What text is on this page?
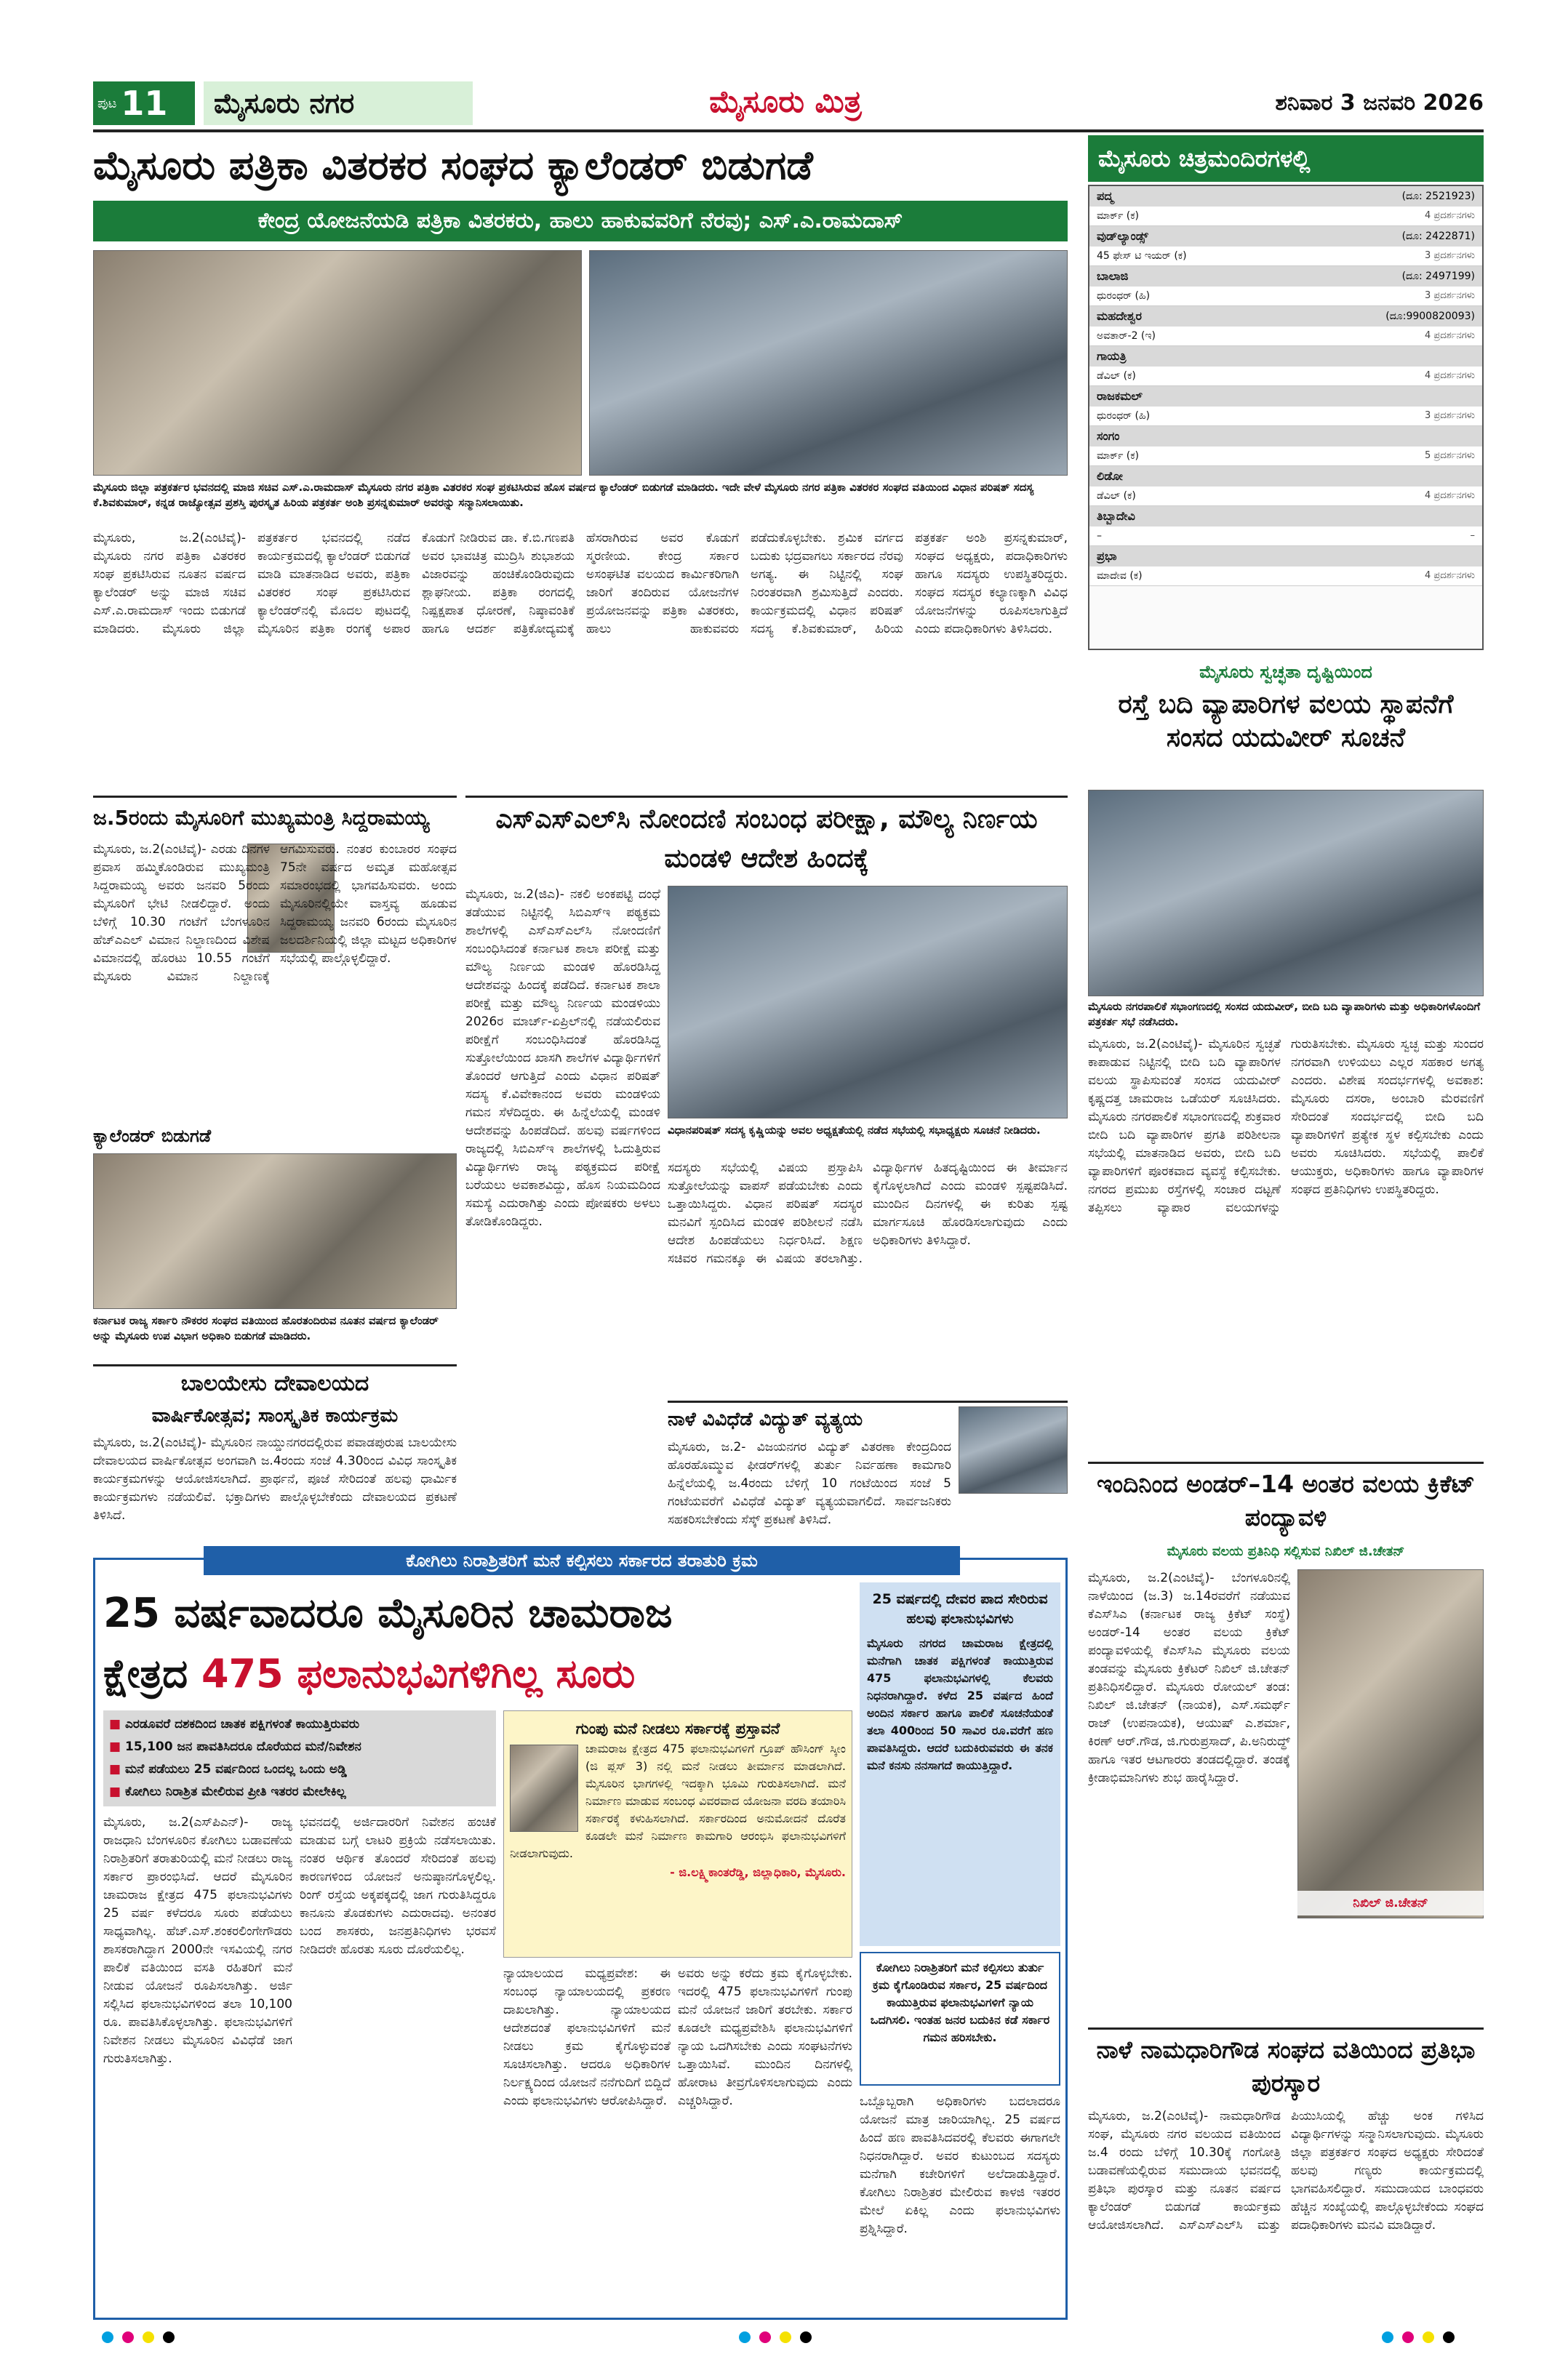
ಪುಟ 11	ಮೈಸೂರು ನಗರ	ಮೈಸೂರು ಮಿತ್ರ	ಶನಿವಾರ 3 ಜನವರಿ 2026
ಮೈಸೂರು ಪತ್ರಿಕಾ ವಿತರಕರ ಸಂಘದ ಕ್ಯಾಲೆಂಡರ್ ಬಿಡುಗಡೆ
ಕೇಂದ್ರ ಯೋಜನೆಯಡಿ ಪತ್ರಿಕಾ ವಿತರಕರು, ಹಾಲು ಹಾಕುವವರಿಗೆ ನೆರವು; ಎಸ್.ಎ.ರಾಮದಾಸ್
ಮೈಸೂರು ಜಿಲ್ಲಾ ಪತ್ರಕರ್ತರ ಭವನದಲ್ಲಿ ಮಾಜಿ ಸಚಿವ ಎಸ್.ಎ.ರಾಮದಾಸ್ ಮೈಸೂರು ನಗರ ಪತ್ರಿಕಾ ವಿತರಕರ ಸಂಘ ಪ್ರಕಟಿಸಿರುವ ಹೊಸ ವರ್ಷದ ಕ್ಯಾಲೆಂಡರ್ ಬಿಡುಗಡೆ ಮಾಡಿದರು. ಇದೇ ವೇಳೆ ಮೈಸೂರು ನಗರ ಪತ್ರಿಕಾ ವಿತರಕರ ಸಂಘದ ವತಿಯಿಂದ ವಿಧಾನ ಪರಿಷತ್ ಸದಸ್ಯ ಕೆ.ಶಿವಕುಮಾರ್, ಕನ್ನಡ ರಾಜ್ಯೋತ್ಸವ ಪ್ರಶಸ್ತಿ ಪುರಸ್ಕೃತ ಹಿರಿಯ ಪತ್ರಕರ್ತ ಅಂಶಿ ಪ್ರಸನ್ನಕುಮಾರ್ ಅವರನ್ನು ಸನ್ಮಾನಿಸಲಾಯಿತು.
ಮೈಸೂರು, ಜ.2(ಎಂಟಿವೈ)- ಮೈಸೂರು ನಗರ ಪತ್ರಿಕಾ ವಿತರಕರ ಸಂಘ ಪ್ರಕಟಿಸಿರುವ ನೂತನ ವರ್ಷದ ಕ್ಯಾಲೆಂಡರ್ ಅನ್ನು ಮಾಜಿ ಸಚಿವ ಎಸ್.ಎ.ರಾಮದಾಸ್ ಇಂದು ಬಿಡುಗಡೆ ಮಾಡಿದರು. ಮೈಸೂರು ಜಿಲ್ಲಾ ಪತ್ರಕರ್ತರ ಭವನದಲ್ಲಿ ನಡೆದ ಕಾರ್ಯಕ್ರಮದಲ್ಲಿ ಕ್ಯಾಲೆಂಡರ್ ಬಿಡುಗಡೆ ಮಾಡಿ ಮಾತನಾಡಿದ ಅವರು, ಪತ್ರಿಕಾ ವಿತರಕರ ಸಂಘ ಪ್ರಕಟಿಸಿರುವ ಕ್ಯಾಲೆಂಡರ್‌ನಲ್ಲಿ ಮೊದಲ ಪುಟದಲ್ಲಿ ಮೈಸೂರಿನ ಪತ್ರಿಕಾ ರಂಗಕ್ಕೆ ಅಪಾರ ಕೊಡುಗೆ ನೀಡಿರುವ ಡಾ. ಕೆ.ಬಿ.ಗಣಪತಿ ಅವರ ಭಾವಚಿತ್ರ ಮುದ್ರಿಸಿ ಶುಭಾಶಯ ವಿಜಾರವನ್ನು ಹಂಚಿಕೊಂಡಿರುವುದು ಶ್ಲಾಘನೀಯ. ಪತ್ರಿಕಾ ರಂಗದಲ್ಲಿ ನಿಷ್ಪಕ್ಷಪಾತ ಧೋರಣೆ, ನಿಷ್ಠಾವಂತಿಕೆ ಹಾಗೂ ಆದರ್ಶ ಪತ್ರಿಕೋದ್ಯಮಕ್ಕೆ ಹೆಸರಾಗಿರುವ ಅವರ ಕೊಡುಗೆ ಸ್ಮರಣೀಯ. ಕೇಂದ್ರ ಸರ್ಕಾರ ಅಸಂಘಟಿತ ವಲಯದ ಕಾರ್ಮಿಕರಿಗಾಗಿ ಜಾರಿಗೆ ತಂದಿರುವ ಯೋಜನೆಗಳ ಪ್ರಯೋಜನವನ್ನು ಪತ್ರಿಕಾ ವಿತರಕರು, ಹಾಲು ಹಾಕುವವರು ಪಡೆದುಕೊಳ್ಳಬೇಕು. ಶ್ರಮಿಕ ವರ್ಗದ ಬದುಕು ಭದ್ರವಾಗಲು ಸರ್ಕಾರದ ನೆರವು ಅಗತ್ಯ. ಈ ನಿಟ್ಟಿನಲ್ಲಿ ಸಂಘ ನಿರಂತರವಾಗಿ ಶ್ರಮಿಸುತ್ತಿದೆ ಎಂದರು. ಕಾರ್ಯಕ್ರಮದಲ್ಲಿ ವಿಧಾನ ಪರಿಷತ್ ಸದಸ್ಯ ಕೆ.ಶಿವಕುಮಾರ್, ಹಿರಿಯ ಪತ್ರಕರ್ತ ಅಂಶಿ ಪ್ರಸನ್ನಕುಮಾರ್, ಸಂಘದ ಅಧ್ಯಕ್ಷರು, ಪದಾಧಿಕಾರಿಗಳು ಹಾಗೂ ಸದಸ್ಯರು ಉಪಸ್ಥಿತರಿದ್ದರು. ಸಂಘದ ಸದಸ್ಯರ ಕಲ್ಯಾಣಕ್ಕಾಗಿ ವಿವಿಧ ಯೋಜನೆಗಳನ್ನು ರೂಪಿಸಲಾಗುತ್ತಿದೆ ಎಂದು ಪದಾಧಿಕಾರಿಗಳು ತಿಳಿಸಿದರು.
ಮೈಸೂರು ಚಿತ್ರಮಂದಿರಗಳಲ್ಲಿ
ಪದ್ಮ	(ದೂ: 2521923)
ಮಾರ್ಕ್ (ಕ)	4 ಪ್ರದರ್ಶನಗಳು
ವುಡ್‌ಲ್ಯಾಂಡ್ಸ್	(ದೂ: 2422871)
45 ಫೇಸ್ ಟಿ ಇಯರ್ (ಕ)	3 ಪ್ರದರ್ಶನಗಳು
ಬಾಲಾಜಿ	(ದೂ: 2497199)
ಧುರಂಧರ್ (ಹಿ)	3 ಪ್ರದರ್ಶನಗಳು
ಮಹದೇಶ್ವರ	(ದೂ:9900820093)
ಅವತಾರ್-2 (ಇ)	4 ಪ್ರದರ್ಶನಗಳು
ಗಾಯತ್ರಿ
ಡೆವಿಲ್ (ಕ)	4 ಪ್ರದರ್ಶನಗಳು
ರಾಜಕಮಲ್
ಧುರಂಧರ್ (ಹಿ)	3 ಪ್ರದರ್ಶನಗಳು
ಸಂಗಂ
ಮಾರ್ಕ್ (ಕ)	5 ಪ್ರದರ್ಶನಗಳು
ಲಿಡೋ
ಡೆವಿಲ್ (ಕ)	4 ಪ್ರದರ್ಶನಗಳು
ತಿಬ್ಬಾದೇವಿ
–	–
ಪ್ರಭಾ
ಮಾದೇವ (ಕ)	4 ಪ್ರದರ್ಶನಗಳು
ಮೈಸೂರು ಸ್ವಚ್ಛತಾ ದೃಷ್ಟಿಯಿಂದ
ರಸ್ತೆ ಬದಿ ವ್ಯಾಪಾರಿಗಳ ವಲಯ ಸ್ಥಾಪನೆಗೆ ಸಂಸದ ಯದುವೀರ್ ಸೂಚನೆ
ಮೈಸೂರು ನಗರಪಾಲಿಕೆ ಸಭಾಂಗಣದಲ್ಲಿ ಸಂಸದ ಯದುವೀರ್, ಬೀದಿ ಬದಿ ವ್ಯಾಪಾರಿಗಳು ಮತ್ತು ಅಧಿಕಾರಿಗಳೊಂದಿಗೆ ಪತ್ರಕರ್ತ ಸಭೆ ನಡೆಸಿದರು.
ಮೈಸೂರು, ಜ.2(ಎಂಟಿವೈ)- ಮೈಸೂರಿನ ಸ್ವಚ್ಛತೆ ಕಾಪಾಡುವ ನಿಟ್ಟಿನಲ್ಲಿ ಬೀದಿ ಬದಿ ವ್ಯಾಪಾರಿಗಳ ವಲಯ ಸ್ಥಾಪಿಸುವಂತೆ ಸಂಸದ ಯದುವೀರ್ ಕೃಷ್ಣದತ್ತ ಚಾಮರಾಜ ಒಡೆಯರ್ ಸೂಚಿಸಿದರು. ಮೈಸೂರು ನಗರಪಾಲಿಕೆ ಸಭಾಂಗಣದಲ್ಲಿ ಶುಕ್ರವಾರ ಬೀದಿ ಬದಿ ವ್ಯಾಪಾರಿಗಳ ಪ್ರಗತಿ ಪರಿಶೀಲನಾ ಸಭೆಯಲ್ಲಿ ಮಾತನಾಡಿದ ಅವರು, ಬೀದಿ ಬದಿ ವ್ಯಾಪಾರಿಗಳಿಗೆ ಪೂರಕವಾದ ವ್ಯವಸ್ಥೆ ಕಲ್ಪಿಸಬೇಕು. ನಗರದ ಪ್ರಮುಖ ರಸ್ತೆಗಳಲ್ಲಿ ಸಂಚಾರ ದಟ್ಟಣೆ ತಪ್ಪಿಸಲು ವ್ಯಾಪಾರ ವಲಯಗಳನ್ನು ಗುರುತಿಸಬೇಕು. ಮೈಸೂರು ಸ್ವಚ್ಛ ಮತ್ತು ಸುಂದರ ನಗರವಾಗಿ ಉಳಿಯಲು ಎಲ್ಲರ ಸಹಕಾರ ಅಗತ್ಯ ಎಂದರು. ವಿಶೇಷ ಸಂದರ್ಭಗಳಲ್ಲಿ ಅವಕಾಶ: ಮೈಸೂರು ದಸರಾ, ಅಂಬಾರಿ ಮೆರವಣಿಗೆ ಸೇರಿದಂತೆ ಸಂದರ್ಭದಲ್ಲಿ ಬೀದಿ ಬದಿ ವ್ಯಾಪಾರಿಗಳಿಗೆ ಪ್ರತ್ಯೇಕ ಸ್ಥಳ ಕಲ್ಪಿಸಬೇಕು ಎಂದು ಅವರು ಸೂಚಿಸಿದರು. ಸಭೆಯಲ್ಲಿ ಪಾಲಿಕೆ ಆಯುಕ್ತರು, ಅಧಿಕಾರಿಗಳು ಹಾಗೂ ವ್ಯಾಪಾರಿಗಳ ಸಂಘದ ಪ್ರತಿನಿಧಿಗಳು ಉಪಸ್ಥಿತರಿದ್ದರು.
ಇಂದಿನಿಂದ ಅಂಡರ್–14 ಅಂತರ ವಲಯ ಕ್ರಿಕೆಟ್ ಪಂದ್ಯಾವಳಿ
ಮೈಸೂರು ವಲಯ ಪ್ರತಿನಿಧಿ ಸಲ್ಲಿಸುವ ನಿಖಿಲ್ ಜಿ.ಚೇತನ್
ನಿಖಿಲ್ ಜಿ.ಚೇತನ್
ಮೈಸೂರು, ಜ.2(ಎಂಟಿವೈ)- ಬೆಂಗಳೂರಿನಲ್ಲಿ ನಾಳೆಯಿಂದ (ಜ.3) ಜ.14ರವರೆಗೆ ನಡೆಯುವ ಕೆಎಸ್‌ಸಿಎ (ಕರ್ನಾಟಕ ರಾಜ್ಯ ಕ್ರಿಕೆಟ್ ಸಂಸ್ಥೆ) ಅಂಡರ್-14 ಅಂತರ ವಲಯ ಕ್ರಿಕೆಟ್ ಪಂದ್ಯಾವಳಿಯಲ್ಲಿ ಕೆಎಸ್‌ಸಿಎ ಮೈಸೂರು ವಲಯ ತಂಡವನ್ನು ಮೈಸೂರು ಕ್ರಿಕೆಟರ್ ನಿಖಿಲ್ ಜಿ.ಚೇತನ್ ಪ್ರತಿನಿಧಿಸಲಿದ್ದಾರೆ. ಮೈಸೂರು ರೋಯಲ್ ತಂಡ: ನಿಖಿಲ್ ಜಿ.ಚೇತನ್ (ನಾಯಕ), ಎಸ್.ಸಮರ್ಥ್ ರಾಜ್ (ಉಪನಾಯಕ), ಆಯುಷ್ ಎ.ಶರ್ಮಾ, ಕಿರಣ್ ಆರ್.ಗೌಡ, ಜಿ.ಗುರುಪ್ರಸಾದ್, ಪಿ.ಅನಿರುದ್ಧ್ ಹಾಗೂ ಇತರ ಆಟಗಾರರು ತಂಡದಲ್ಲಿದ್ದಾರೆ. ತಂಡಕ್ಕೆ ಕ್ರೀಡಾಭಿಮಾನಿಗಳು ಶುಭ ಹಾರೈಸಿದ್ದಾರೆ.
ನಾಳೆ ನಾಮಧಾರಿಗೌಡ ಸಂಘದ ವತಿಯಿಂದ ಪ್ರತಿಭಾ ಪುರಸ್ಕಾರ
ಮೈಸೂರು, ಜ.2(ಎಂಟಿವೈ)- ನಾಮಧಾರಿಗೌಡ ಸಂಘ, ಮೈಸೂರು ನಗರ ವಲಯದ ವತಿಯಿಂದ ಜ.4 ರಂದು ಬೆಳಿಗ್ಗೆ 10.30ಕ್ಕೆ ಗಂಗೋತ್ರಿ ಬಡಾವಣೆಯಲ್ಲಿರುವ ಸಮುದಾಯ ಭವನದಲ್ಲಿ ಪ್ರತಿಭಾ ಪುರಸ್ಕಾರ ಮತ್ತು ನೂತನ ವರ್ಷದ ಕ್ಯಾಲೆಂಡರ್ ಬಿಡುಗಡೆ ಕಾರ್ಯಕ್ರಮ ಆಯೋಜಿಸಲಾಗಿದೆ. ಎಸ್ಎಸ್ಎಲ್‌ಸಿ ಮತ್ತು ಪಿಯುಸಿಯಲ್ಲಿ ಹೆಚ್ಚು ಅಂಕ ಗಳಿಸಿದ ವಿದ್ಯಾರ್ಥಿಗಳನ್ನು ಸನ್ಮಾನಿಸಲಾಗುವುದು. ಮೈಸೂರು ಜಿಲ್ಲಾ ಪತ್ರಕರ್ತರ ಸಂಘದ ಅಧ್ಯಕ್ಷರು ಸೇರಿದಂತೆ ಹಲವು ಗಣ್ಯರು ಕಾರ್ಯಕ್ರಮದಲ್ಲಿ ಭಾಗವಹಿಸಲಿದ್ದಾರೆ. ಸಮುದಾಯದ ಬಾಂಧವರು ಹೆಚ್ಚಿನ ಸಂಖ್ಯೆಯಲ್ಲಿ ಪಾಲ್ಗೊಳ್ಳಬೇಕೆಂದು ಸಂಘದ ಪದಾಧಿಕಾರಿಗಳು ಮನವಿ ಮಾಡಿದ್ದಾರೆ.
ಜ.5ರಂದು ಮೈಸೂರಿಗೆ ಮುಖ್ಯಮಂತ್ರಿ ಸಿದ್ದರಾಮಯ್ಯ
ಮೈಸೂರು, ಜ.2(ಎಂಟಿವೈ)- ಎರಡು ದಿನಗಳ ಪ್ರವಾಸ ಹಮ್ಮಿಕೊಂಡಿರುವ ಮುಖ್ಯಮಂತ್ರಿ ಸಿದ್ದರಾಮಯ್ಯ ಅವರು ಜನವರಿ 5ರಂದು ಮೈಸೂರಿಗೆ ಭೇಟಿ ನೀಡಲಿದ್ದಾರೆ. ಅಂದು ಬೆಳಿಗ್ಗೆ 10.30 ಗಂಟೆಗೆ ಬೆಂಗಳೂರಿನ ಹೆಚ್‌ಎಎಲ್ ವಿಮಾನ ನಿಲ್ದಾಣದಿಂದ ವಿಶೇಷ ವಿಮಾನದಲ್ಲಿ ಹೊರಟು 10.55 ಗಂಟೆಗೆ ಮೈಸೂರು ವಿಮಾನ ನಿಲ್ದಾಣಕ್ಕೆ ಆಗಮಿಸುವರು. ನಂತರ ಕುಂಬಾರರ ಸಂಘದ 75ನೇ ವರ್ಷದ ಅಮೃತ ಮಹೋತ್ಸವ ಸಮಾರಂಭದಲ್ಲಿ ಭಾಗವಹಿಸುವರು. ಅಂದು ಮೈಸೂರಿನಲ್ಲಿಯೇ ವಾಸ್ತವ್ಯ ಹೂಡುವ ಸಿದ್ದರಾಮಯ್ಯ ಜನವರಿ 6ರಂದು ಮೈಸೂರಿನ ಜಲದರ್ಶಿನಿಯಲ್ಲಿ ಜಿಲ್ಲಾ ಮಟ್ಟದ ಅಧಿಕಾರಿಗಳ ಸಭೆಯಲ್ಲಿ ಪಾಲ್ಗೊಳ್ಳಲಿದ್ದಾರೆ.
ಕ್ಯಾಲೆಂಡರ್ ಬಿಡುಗಡೆ
ಕರ್ನಾಟಕ ರಾಜ್ಯ ಸರ್ಕಾರಿ ನೌಕರರ ಸಂಘದ ವತಿಯಿಂದ ಹೊರತಂದಿರುವ ನೂತನ ವರ್ಷದ ಕ್ಯಾಲೆಂಡರ್ ಅನ್ನು ಮೈಸೂರು ಉಪ ವಿಭಾಗ ಅಧಿಕಾರಿ ಬಿಡುಗಡೆ ಮಾಡಿದರು.
ಬಾಲಯೇಸು ದೇವಾಲಯದ
ವಾರ್ಷಿಕೋತ್ಸವ; ಸಾಂಸ್ಕೃತಿಕ ಕಾರ್ಯಕ್ರಮ
ಮೈಸೂರು, ಜ.2(ಎಂಟಿವೈ)- ಮೈಸೂರಿನ ನಾಯ್ಡುನಗರದಲ್ಲಿರುವ ಪವಾಡಪುರುಷ ಬಾಲಯೇಸು ದೇವಾಲಯದ ವಾರ್ಷಿಕೋತ್ಸವ ಅಂಗವಾಗಿ ಜ.4ರಂದು ಸಂಜೆ 4.30ರಿಂದ ವಿವಿಧ ಸಾಂಸ್ಕೃತಿಕ ಕಾರ್ಯಕ್ರಮಗಳನ್ನು ಆಯೋಜಿಸಲಾಗಿದೆ. ಪ್ರಾರ್ಥನೆ, ಪೂಜೆ ಸೇರಿದಂತೆ ಹಲವು ಧಾರ್ಮಿಕ ಕಾರ್ಯಕ್ರಮಗಳು ನಡೆಯಲಿವೆ. ಭಕ್ತಾದಿಗಳು ಪಾಲ್ಗೊಳ್ಳಬೇಕೆಂದು ದೇವಾಲಯದ ಪ್ರಕಟಣೆ ತಿಳಿಸಿದೆ.
ಎಸ್‌ಎಸ್‌ಎಲ್‌ಸಿ ನೋಂದಣಿ ಸಂಬಂಧ ಪರೀಕ್ಷಾ, ಮೌಲ್ಯ ನಿರ್ಣಯ ಮಂಡಳಿ ಆದೇಶ ಹಿಂದಕ್ಕೆ
ಮೈಸೂರು, ಜ.2(ಜಿಎ)- ನಕಲಿ ಅಂಕಪಟ್ಟಿ ದಂಧೆ ತಡೆಯುವ ನಿಟ್ಟಿನಲ್ಲಿ ಸಿಬಿಎಸ್‌ಇ ಪಠ್ಯಕ್ರಮ ಶಾಲೆಗಳಲ್ಲಿ ಎಸ್‌ಎಸ್‌ಎಲ್‌ಸಿ ನೋಂದಣಿಗೆ ಸಂಬಂಧಿಸಿದಂತೆ ಕರ್ನಾಟಕ ಶಾಲಾ ಪರೀಕ್ಷೆ ಮತ್ತು ಮೌಲ್ಯ ನಿರ್ಣಯ ಮಂಡಳಿ ಹೊರಡಿಸಿದ್ದ ಆದೇಶವನ್ನು ಹಿಂದಕ್ಕೆ ಪಡೆದಿದೆ. ಕರ್ನಾಟಕ ಶಾಲಾ ಪರೀಕ್ಷೆ ಮತ್ತು ಮೌಲ್ಯ ನಿರ್ಣಯ ಮಂಡಳಿಯು 2026ರ ಮಾರ್ಚ್-ಏಪ್ರಿಲ್‌ನಲ್ಲಿ ನಡೆಯಲಿರುವ ಪರೀಕ್ಷೆಗೆ ಸಂಬಂಧಿಸಿದಂತೆ ಹೊರಡಿಸಿದ್ದ ಸುತ್ತೋಲೆಯಿಂದ ಖಾಸಗಿ ಶಾಲೆಗಳ ವಿದ್ಯಾರ್ಥಿಗಳಿಗೆ ತೊಂದರೆ ಆಗುತ್ತಿದೆ ಎಂದು ವಿಧಾನ ಪರಿಷತ್ ಸದಸ್ಯ ಕೆ.ವಿವೇಕಾನಂದ ಅವರು ಮಂಡಳಿಯ ಗಮನ ಸೆಳೆದಿದ್ದರು. ಈ ಹಿನ್ನೆಲೆಯಲ್ಲಿ ಮಂಡಳಿ ಆದೇಶವನ್ನು ಹಿಂಪಡೆದಿದೆ. ಹಲವು ವರ್ಷಗಳಿಂದ ರಾಜ್ಯದಲ್ಲಿ ಸಿಬಿಎಸ್‌ಇ ಶಾಲೆಗಳಲ್ಲಿ ಓದುತ್ತಿರುವ ವಿದ್ಯಾರ್ಥಿಗಳು ರಾಜ್ಯ ಪಠ್ಯಕ್ರಮದ ಪರೀಕ್ಷೆ ಬರೆಯಲು ಅವಕಾಶವಿದ್ದು, ಹೊಸ ನಿಯಮದಿಂದ ಸಮಸ್ಯೆ ಎದುರಾಗಿತ್ತು ಎಂದು ಪೋಷಕರು ಅಳಲು ತೋಡಿಕೊಂಡಿದ್ದರು.
ವಿಧಾನಪರಿಷತ್ ಸದಸ್ಯ ಕೃಷ್ಣಿಯನ್ನು ಅವಲ ಅಧ್ಯಕ್ಷತೆಯಲ್ಲಿ ನಡೆದ ಸಭೆಯಲ್ಲಿ ಸಭಾಧ್ಯಕ್ಷರು ಸೂಚನೆ ನೀಡಿದರು.
ಸದಸ್ಯರು ಸಭೆಯಲ್ಲಿ ವಿಷಯ ಪ್ರಸ್ತಾಪಿಸಿ ಸುತ್ತೋಲೆಯನ್ನು ವಾಪಸ್ ಪಡೆಯಬೇಕು ಎಂದು ಒತ್ತಾಯಿಸಿದ್ದರು. ವಿಧಾನ ಪರಿಷತ್ ಸದಸ್ಯರ ಮನವಿಗೆ ಸ್ಪಂದಿಸಿದ ಮಂಡಳಿ ಪರಿಶೀಲನೆ ನಡೆಸಿ ಆದೇಶ ಹಿಂಪಡೆಯಲು ನಿರ್ಧರಿಸಿದೆ. ಶಿಕ್ಷಣ ಸಚಿವರ ಗಮನಕ್ಕೂ ಈ ವಿಷಯ ತರಲಾಗಿತ್ತು. ವಿದ್ಯಾರ್ಥಿಗಳ ಹಿತದೃಷ್ಟಿಯಿಂದ ಈ ತೀರ್ಮಾನ ಕೈಗೊಳ್ಳಲಾಗಿದೆ ಎಂದು ಮಂಡಳಿ ಸ್ಪಷ್ಟಪಡಿಸಿದೆ. ಮುಂದಿನ ದಿನಗಳಲ್ಲಿ ಈ ಕುರಿತು ಸ್ಪಷ್ಟ ಮಾರ್ಗಸೂಚಿ ಹೊರಡಿಸಲಾಗುವುದು ಎಂದು ಅಧಿಕಾರಿಗಳು ತಿಳಿಸಿದ್ದಾರೆ.
ನಾಳೆ ವಿವಿಧೆಡೆ ವಿದ್ಯುತ್ ವ್ಯತ್ಯಯ
ಮೈಸೂರು, ಜ.2- ವಿಜಯನಗರ ವಿದ್ಯುತ್ ವಿತರಣಾ ಕೇಂದ್ರದಿಂದ ಹೊರಹೊಮ್ಮುವ ಫೀಡರ್‌ಗಳಲ್ಲಿ ತುರ್ತು ನಿರ್ವಹಣಾ ಕಾಮಗಾರಿ ಹಿನ್ನೆಲೆಯಲ್ಲಿ ಜ.4ರಂದು ಬೆಳಿಗ್ಗೆ 10 ಗಂಟೆಯಿಂದ ಸಂಜೆ 5 ಗಂಟೆಯವರೆಗೆ ವಿವಿಧೆಡೆ ವಿದ್ಯುತ್ ವ್ಯತ್ಯಯವಾಗಲಿದೆ. ಸಾರ್ವಜನಿಕರು ಸಹಕರಿಸಬೇಕೆಂದು ಸೆಸ್ಕ್ ಪ್ರಕಟಣೆ ತಿಳಿಸಿದೆ.
ಕೋಗಿಲು ನಿರಾಶ್ರಿತರಿಗೆ ಮನೆ ಕಲ್ಪಿಸಲು ಸರ್ಕಾರದ ತರಾತುರಿ ಕ್ರಮ
25 ವರ್ಷವಾದರೂ ಮೈಸೂರಿನ ಚಾಮರಾಜ
ಕ್ಷೇತ್ರದ 475 ಫಲಾನುಭವಿಗಳಿಗಿಲ್ಲ ಸೂರು
■ ಎರಡೂವರೆ ದಶಕದಿಂದ ಚಾತಕ ಪಕ್ಷಿಗಳಂತೆ ಕಾಯುತ್ತಿರುವರು
■ 15,100 ಜನ ಪಾವತಿಸಿದರೂ ದೊರೆಯದ ಮನೆ/ನಿವೇಶನ
■ ಮನೆ ಪಡೆಯಲು 25 ವರ್ಷದಿಂದ ಒಂದಲ್ಲ ಒಂದು ಅಡ್ಡಿ
■ ಕೋಗಿಲು ನಿರಾಶ್ರಿತ ಮೇಲಿರುವ ಪ್ರೀತಿ ಇತರರ ಮೇಲೇಕಿಲ್ಲ
25 ವರ್ಷದಲ್ಲಿ ದೇವರ ಪಾದ ಸೇರಿರುವ ಹಲವು ಫಲಾನುಭವಿಗಳು
ಮೈಸೂರು ನಗರದ ಚಾಮರಾಜ ಕ್ಷೇತ್ರದಲ್ಲಿ ಮನೆಗಾಗಿ ಚಾತಕ ಪಕ್ಷಿಗಳಂತೆ ಕಾಯುತ್ತಿರುವ 475 ಫಲಾನುಭವಿಗಳಲ್ಲಿ ಕೆಲವರು ನಿಧನರಾಗಿದ್ದಾರೆ. ಕಳೆದ 25 ವರ್ಷದ ಹಿಂದೆ ಅಂದಿನ ಸರ್ಕಾರ ಹಾಗೂ ಪಾಲಿಕೆ ಸೂಚನೆಯಂತೆ ತಲಾ 400ರಿಂದ 50 ಸಾವಿರ ರೂ.ವರೆಗೆ ಹಣ ಪಾವತಿಸಿದ್ದರು. ಆದರೆ ಬದುಕಿರುವವರು ಈ ತನಕ ಮನೆ ಕನಸು ನನಸಾಗದೆ ಕಾಯುತ್ತಿದ್ದಾರೆ.
ಗುಂಪು ಮನೆ ನೀಡಲು ಸರ್ಕಾರಕ್ಕೆ ಪ್ರಸ್ತಾವನೆ
ಚಾಮರಾಜ ಕ್ಷೇತ್ರದ 475 ಫಲಾನುಭವಿಗಳಿಗೆ ಗ್ರೂಪ್ ಹೌಸಿಂಗ್ ಸ್ಕೀಂ (ಜಿ ಪ್ಲಸ್ 3) ನಲ್ಲಿ ಮನೆ ನೀಡಲು ತೀರ್ಮಾನ ಮಾಡಲಾಗಿದೆ. ಮೈಸೂರಿನ ಭಾಗಗಳಲ್ಲಿ ಇದಕ್ಕಾಗಿ ಭೂಮಿ ಗುರುತಿಸಲಾಗಿದೆ. ಮನೆ ನಿರ್ಮಾಣ ಮಾಡುವ ಸಂಬಂಧ ವಿವರವಾದ ಯೋಜನಾ ವರದಿ ತಯಾರಿಸಿ ಸರ್ಕಾರಕ್ಕೆ ಕಳುಹಿಸಲಾಗಿದೆ. ಸರ್ಕಾರದಿಂದ ಅನುಮೋದನೆ ದೊರೆತ ಕೂಡಲೇ ಮನೆ ನಿರ್ಮಾಣ ಕಾಮಗಾರಿ ಆರಂಭಿಸಿ ಫಲಾನುಭವಿಗಳಿಗೆ ನೀಡಲಾಗುವುದು.
- ಜಿ.ಲಕ್ಷ್ಮಿಕಾಂತರೆಡ್ಡಿ, ಜಿಲ್ಲಾಧಿಕಾರಿ, ಮೈಸೂರು.
ಕೋಗಿಲು ನಿರಾಶ್ರಿತರಿಗೆ ಮನೆ ಕಲ್ಪಿಸಲು ತುರ್ತು ಕ್ರಮ ಕೈಗೊಂಡಿರುವ ಸರ್ಕಾರ, 25 ವರ್ಷದಿಂದ ಕಾಯುತ್ತಿರುವ ಫಲಾನುಭವಿಗಳಿಗೆ ನ್ಯಾಯ ಒದಗಿಸಲಿ. ಇಂತಹ ಜನರ ಬದುಕಿನ ಕಡೆ ಸರ್ಕಾರ ಗಮನ ಹರಿಸಬೇಕು.
ಮೈಸೂರು, ಜ.2(ಎಸ್‌ಪಿಎನ್)- ರಾಜ್ಯ ರಾಜಧಾನಿ ಬೆಂಗಳೂರಿನ ಕೋಗಿಲು ಬಡಾವಣೆಯ ನಿರಾಶ್ರಿತರಿಗೆ ತರಾತುರಿಯಲ್ಲಿ ಮನೆ ನೀಡಲು ರಾಜ್ಯ ಸರ್ಕಾರ ಪ್ರಾರಂಭಿಸಿದೆ. ಆದರೆ ಮೈಸೂರಿನ ಚಾಮರಾಜ ಕ್ಷೇತ್ರದ 475 ಫಲಾನುಭವಿಗಳು 25 ವರ್ಷ ಕಳೆದರೂ ಸೂರು ಪಡೆಯಲು ಸಾಧ್ಯವಾಗಿಲ್ಲ. ಹೆಚ್.ಎಸ್.ಶಂಕರಲಿಂಗೇಗೌಡರು ಶಾಸಕರಾಗಿದ್ದಾಗ 2000ನೇ ಇಸವಿಯಲ್ಲಿ ನಗರ ಪಾಲಿಕೆ ವತಿಯಿಂದ ವಸತಿ ರಹಿತರಿಗೆ ಮನೆ ನೀಡುವ ಯೋಜನೆ ರೂಪಿಸಲಾಗಿತ್ತು. ಅರ್ಜಿ ಸಲ್ಲಿಸಿದ ಫಲಾನುಭವಿಗಳಿಂದ ತಲಾ 10,100 ರೂ. ಪಾವತಿಸಿಕೊಳ್ಳಲಾಗಿತ್ತು. ಫಲಾನುಭವಿಗಳಿಗೆ ನಿವೇಶನ ನೀಡಲು ಮೈಸೂರಿನ ವಿವಿಧೆಡೆ ಜಾಗ ಗುರುತಿಸಲಾಗಿತ್ತು.
ಭವನದಲ್ಲಿ ಅರ್ಜಿದಾರರಿಗೆ ನಿವೇಶನ ಹಂಚಿಕೆ ಮಾಡುವ ಬಗ್ಗೆ ಲಾಟರಿ ಪ್ರಕ್ರಿಯೆ ನಡೆಸಲಾಯಿತು. ನಂತರ ಆರ್ಥಿಕ ತೊಂದರೆ ಸೇರಿದಂತೆ ಹಲವು ಕಾರಣಗಳಿಂದ ಯೋಜನೆ ಅನುಷ್ಠಾನಗೊಳ್ಳಲಿಲ್ಲ. ರಿಂಗ್ ರಸ್ತೆಯ ಅಕ್ಕಪಕ್ಕದಲ್ಲಿ ಜಾಗ ಗುರುತಿಸಿದ್ದರೂ ಕಾನೂನು ತೊಡಕುಗಳು ಎದುರಾದವು. ಅನಂತರ ಬಂದ ಶಾಸಕರು, ಜನಪ್ರತಿನಿಧಿಗಳು ಭರವಸೆ ನೀಡಿದರೇ ಹೊರತು ಸೂರು ದೊರೆಯಲಿಲ್ಲ.
ನ್ಯಾಯಾಲಯದ ಮಧ್ಯಪ್ರವೇಶ: ಈ ಸಂಬಂಧ ನ್ಯಾಯಾಲಯದಲ್ಲಿ ಪ್ರಕರಣ ದಾಖಲಾಗಿತ್ತು. ನ್ಯಾಯಾಲಯದ ಆದೇಶದಂತೆ ಫಲಾನುಭವಿಗಳಿಗೆ ಮನೆ ನೀಡಲು ಕ್ರಮ ಕೈಗೊಳ್ಳುವಂತೆ ಸೂಚಿಸಲಾಗಿತ್ತು. ಆದರೂ ಅಧಿಕಾರಿಗಳ ನಿರ್ಲಕ್ಷ್ಯದಿಂದ ಯೋಜನೆ ನನೆಗುದಿಗೆ ಬಿದ್ದಿದೆ ಎಂದು ಫಲಾನುಭವಿಗಳು ಆರೋಪಿಸಿದ್ದಾರೆ.
ಅವರು ಅನ್ನು ಕರೆದು ಕ್ರಮ ಕೈಗೊಳ್ಳಬೇಕು. ಇದರಲ್ಲಿ 475 ಫಲಾನುಭವಿಗಳಿಗೆ ಗುಂಪು ಮನೆ ಯೋಜನೆ ಜಾರಿಗೆ ತರಬೇಕು. ಸರ್ಕಾರ ಕೂಡಲೇ ಮಧ್ಯಪ್ರವೇಶಿಸಿ ಫಲಾನುಭವಿಗಳಿಗೆ ನ್ಯಾಯ ಒದಗಿಸಬೇಕು ಎಂದು ಸಂಘಟನೆಗಳು ಒತ್ತಾಯಿಸಿವೆ. ಮುಂದಿನ ದಿನಗಳಲ್ಲಿ ಹೋರಾಟ ತೀವ್ರಗೊಳಿಸಲಾಗುವುದು ಎಂದು ಎಚ್ಚರಿಸಿದ್ದಾರೆ.	ಒಬ್ಬೊಬ್ಬರಾಗಿ ಅಧಿಕಾರಿಗಳು ಬದಲಾದರೂ ಯೋಜನೆ ಮಾತ್ರ ಜಾರಿಯಾಗಿಲ್ಲ. 25 ವರ್ಷದ ಹಿಂದೆ ಹಣ ಪಾವತಿಸಿದವರಲ್ಲಿ ಕೆಲವರು ಈಗಾಗಲೇ ನಿಧನರಾಗಿದ್ದಾರೆ. ಅವರ ಕುಟುಂಬದ ಸದಸ್ಯರು ಮನೆಗಾಗಿ ಕಚೇರಿಗಳಿಗೆ ಅಲೆದಾಡುತ್ತಿದ್ದಾರೆ. ಕೋಗಿಲು ನಿರಾಶ್ರಿತರ ಮೇಲಿರುವ ಕಾಳಜಿ ಇತರರ ಮೇಲೆ ಏಕಿಲ್ಲ ಎಂದು ಫಲಾನುಭವಿಗಳು ಪ್ರಶ್ನಿಸಿದ್ದಾರೆ.
